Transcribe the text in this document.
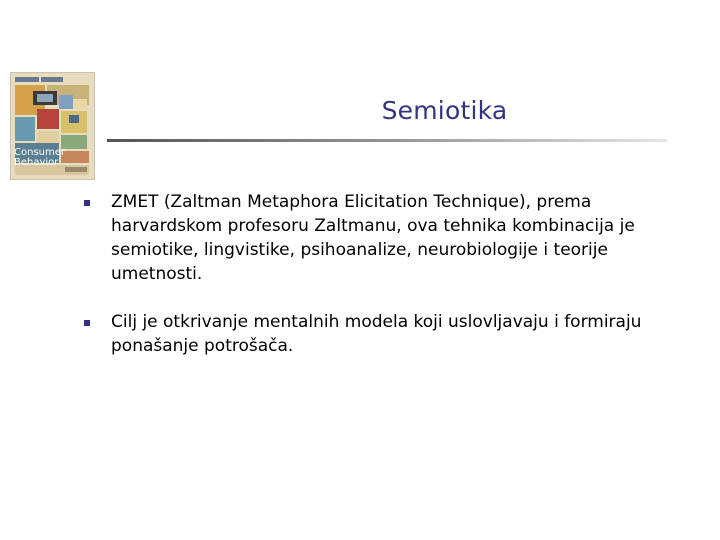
Consumer
Behavior
Semiotika
ZMET (Zaltman Metaphora Elicitation Technique), prema harvardskom profesoru Zaltmanu, ova tehnika kombinacija je semiotike, lingvistike, psihoanalize, neurobiologije i teorije umetnosti.
Cilj je otkrivanje mentalnih modela koji uslovljavaju i formiraju ponašanje potrošača.
